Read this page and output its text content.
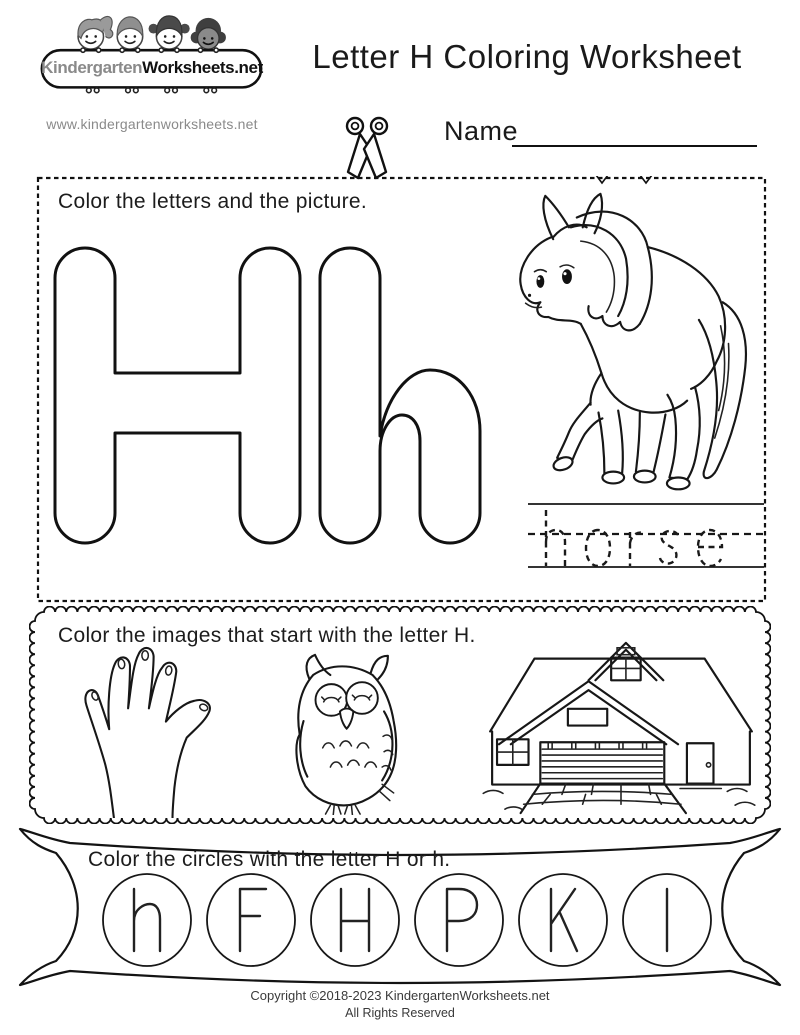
KindergartenWorksheets.net
www.kindergartenworksheets.net
Letter H Coloring Worksheet
Name
Color the letters and the picture.
Color the images that start with the letter H.
Color the circles with the letter H or h.
Copyright ©2018-2023 KindergartenWorksheets.net
All Rights Reserved
